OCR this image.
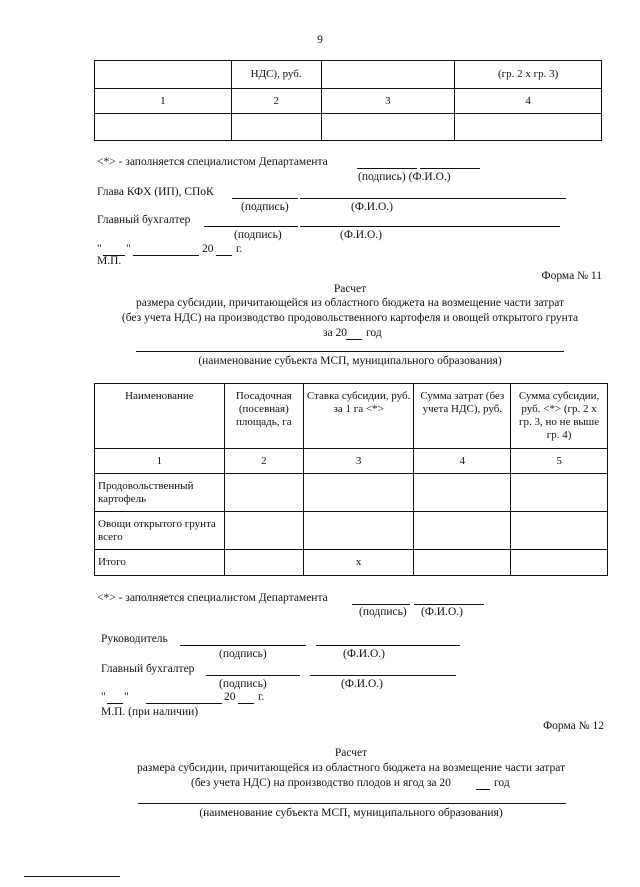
9
	НДС), руб.		(гр. 2 х гр. 3)
1	2	3	4

<*> - заполняется специалистом Департамента
(подпись) (Ф.И.О.)
Глава КФХ (ИП), СПоК
(подпись)	(Ф.И.О.)
Главный бухгалтер
(подпись)	(Ф.И.О.)
" "	20 г.
М.П.
Форма № 11
Расчет
размера субсидии, причитающейся из областного бюджета на возмещение части затрат
(без учета НДС) на производство продовольственного картофеля и овощей открытого грунта
за 20 год
(наименование субъекта МСП, муниципального образования)
Наименование	Посадочная (посевная) площадь, га	Ставка субсидии, руб. за 1 га <*>	Сумма затрат (без учета НДС), руб.	Сумма субсидии, руб. <*> (гр. 2 х гр. 3, но не выше гр. 4)
1	2	3	4	5
Продовольственный картофель				
Овощи открытого грунта всего				
Итого		х		
<*> - заполняется специалистом Департамента
(подпись) (Ф.И.О.)
Руководитель
(подпись)	(Ф.И.О.)
Главный бухгалтер
(подпись)	(Ф.И.О.)
" "	20 г.
М.П. (при наличии)
Форма № 12
Расчет
размера субсидии, причитающейся из областного бюджета на возмещение части затрат
(без учета НДС) на производство плодов и ягод за 20	год
(наименование субъекта МСП, муниципального образования)
